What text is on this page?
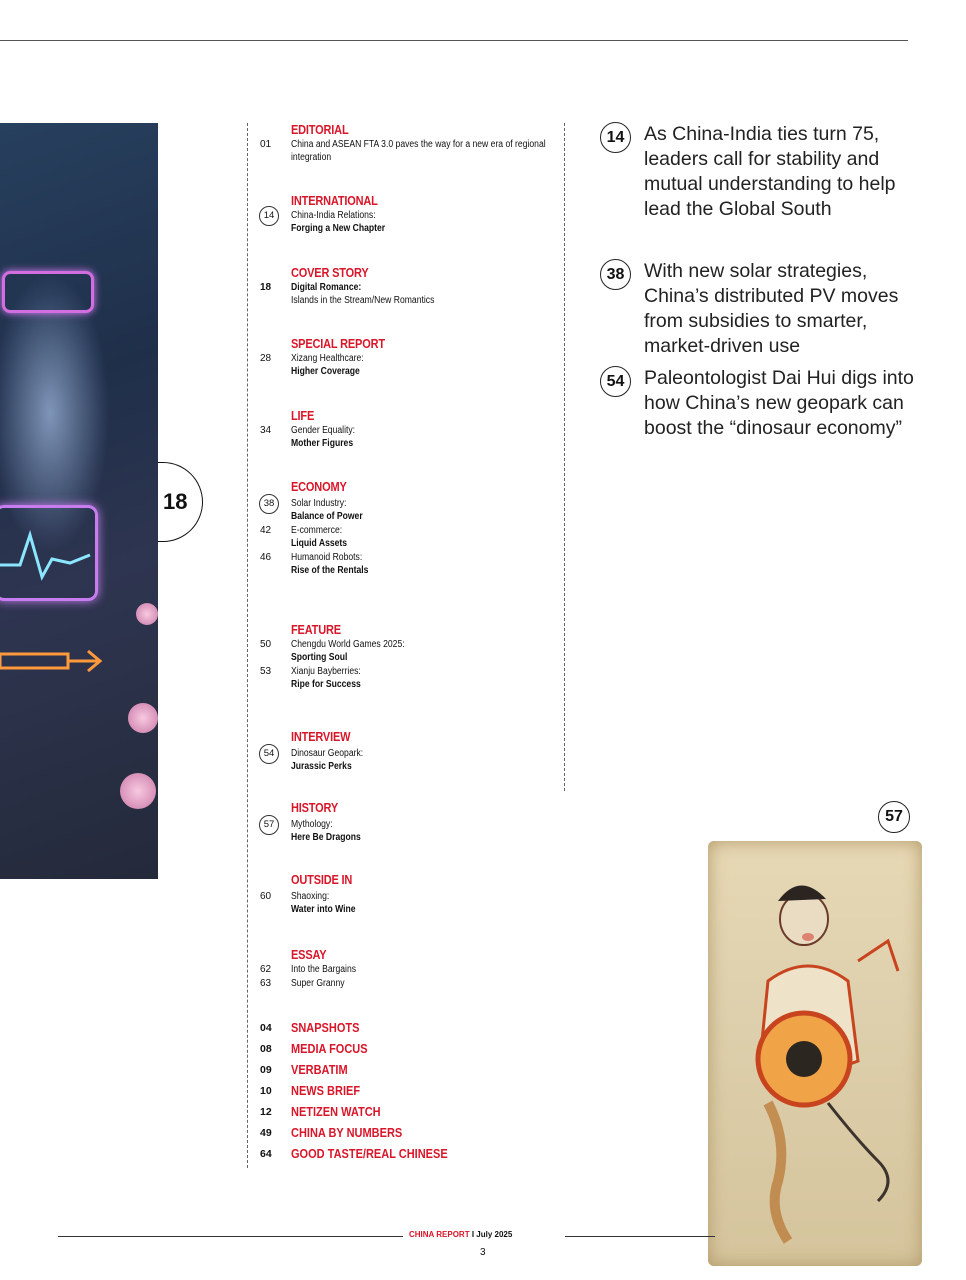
18
EDITORIAL
01	China and ASEAN FTA 3.0 paves the way for a new era of regional integration
INTERNATIONAL
14	China-India Relations:
Forging a New Chapter
COVER STORY
18	Digital Romance:
Islands in the Stream/New Romantics
SPECIAL REPORT
28	Xizang Healthcare:
Higher Coverage
LIFE
34	Gender Equality:
Mother Figures
ECONOMY
38	Solar Industry:
Balance of Power
42	E-commerce:
Liquid Assets
46	Humanoid Robots:
Rise of the Rentals
FEATURE
50	Chengdu World Games 2025:
Sporting Soul
53	Xianju Bayberries:
Ripe for Success
INTERVIEW
54	Dinosaur Geopark:
Jurassic Perks
HISTORY
57	Mythology:
Here Be Dragons
OUTSIDE IN
60	Shaoxing:
Water into Wine
ESSAY
62	Into the Bargains
63	Super Granny
04 SNAPSHOTS
08 MEDIA FOCUS
09 VERBATIM
10 NEWS BRIEF
12 NETIZEN WATCH
49 CHINA BY NUMBERS
64 GOOD TASTE/REAL CHINESE
14	As China-India ties turn 75, leaders call for stability and mutual understanding to help lead the Global South
38	With new solar strategies, China’s distributed PV moves from subsidies to smarter, market-driven use
54	Paleontologist Dai Hui digs into how China’s new geopark can boost the “dinosaur economy”
57
CHINA REPORT I July 2025
3
